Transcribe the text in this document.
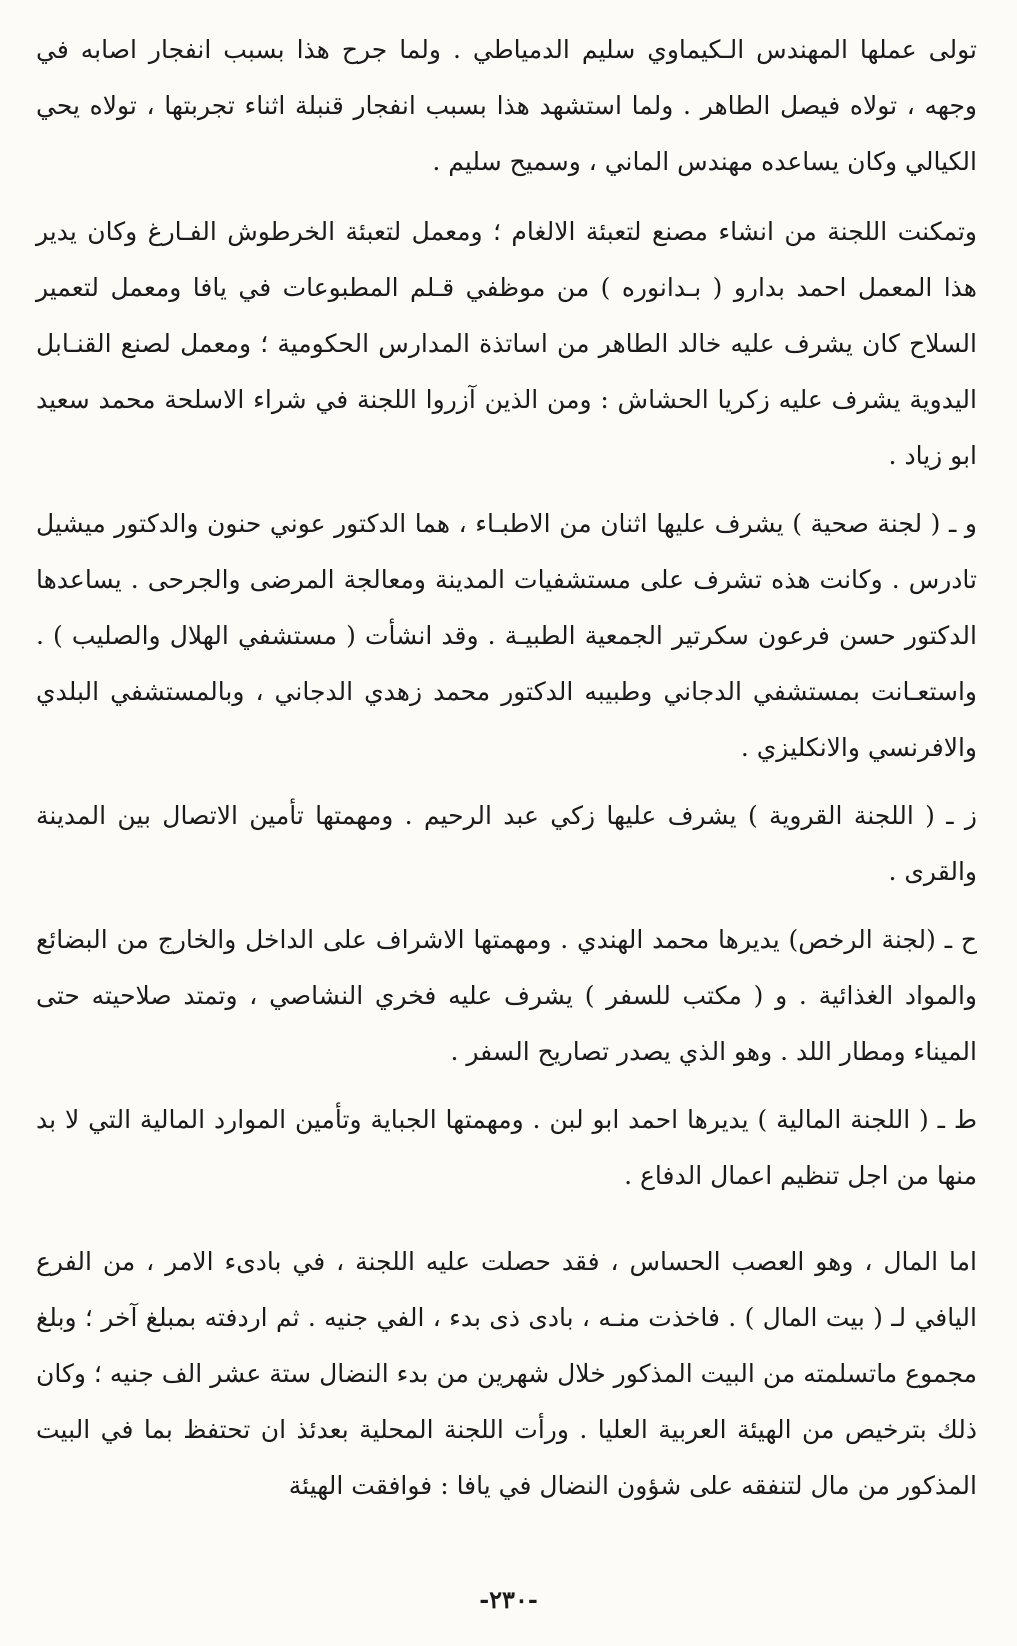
تولى عملها المهندس الـكيماوي سليم الدمياطي . ولما جرح هذا بسبب انفجار اصابه في وجهه ، تولاه فيصل الطاهر . ولما استشهد هذا بسبب انفجار قنبلة اثناء تجربتها ، تولاه يحي الكيالي وكان يساعده مهندس الماني ، وسميح سليم .

وتمكنت اللجنة من انشاء مصنع لتعبئة الالغام ؛ ومعمل لتعبئة الخرطوش الفـارغ وكان يدير هذا المعمل احمد بدارو ( بـدانوره ) من موظفي قـلم المطبوعات في يافا ومعمل لتعمير السلاح كان يشرف عليه خالد الطاهر من اساتذة المدارس الحكومية ؛ ومعمل لصنع القنـابل اليدوية يشرف عليه زكريا الحشاش : ومن الذين آزروا اللجنة في شراء الاسلحة محمد سعيد ابو زياد .

و ـ ( لجنة صحية ) يشرف عليها اثنان من الاطبـاء ، هما الدكتور عوني حنون والدكتور ميشيل تادرس . وكانت هذه تشرف على مستشفيات المدينة ومعالجة المرضى والجرحى . يساعدها الدكتور حسن فرعون سكرتير الجمعية الطبيـة . وقد انشأت ( مستشفي الهلال والصليب ) . واستعـانت بمستشفي الدجاني وطبيبه الدكتور محمد زهدي الدجاني ، وبالمستشفي البلدي والافرنسي والانكليزي .

ز ـ ( اللجنة القروية ) يشرف عليها زكي عبد الرحيم . ومهمتها تأمين الاتصال بين المدينة والقرى .

ح ـ (لجنة الرخص) يديرها محمد الهندي . ومهمتها الاشراف على الداخل والخارج من البضائع والمواد الغذائية . و ( مكتب للسفر ) يشرف عليه فخري النشاصي ، وتمتد صلاحيته حتى الميناء ومطار اللد . وهو الذي يصدر تصاريح السفر .

ط ـ ( اللجنة المالية ) يديرها احمد ابو لبن . ومهمتها الجباية وتأمين الموارد المالية التي لا بد منها من اجل تنظيم اعمال الدفاع .

اما المال ، وهو العصب الحساس ، فقد حصلت عليه اللجنة ، في بادىء الامر ، من الفرع اليافي لـ ( بيت المال ) . فاخذت منـه ، بادى ذى بدء ، الفي جنيه . ثم اردفته بمبلغ آخر ؛ وبلغ مجموع ماتسلمته من البيت المذكور خلال شهرين من بدء النضال ستة عشر الف جنيه ؛ وكان ذلك بترخيص من الهيئة العربية العليا . ورأت اللجنة المحلية بعدئذ ان تحتفظ بما في البيت المذكور من مال لتنفقه على شؤون النضال في يافا : فوافقت الهيئة

-٢٣٠-
